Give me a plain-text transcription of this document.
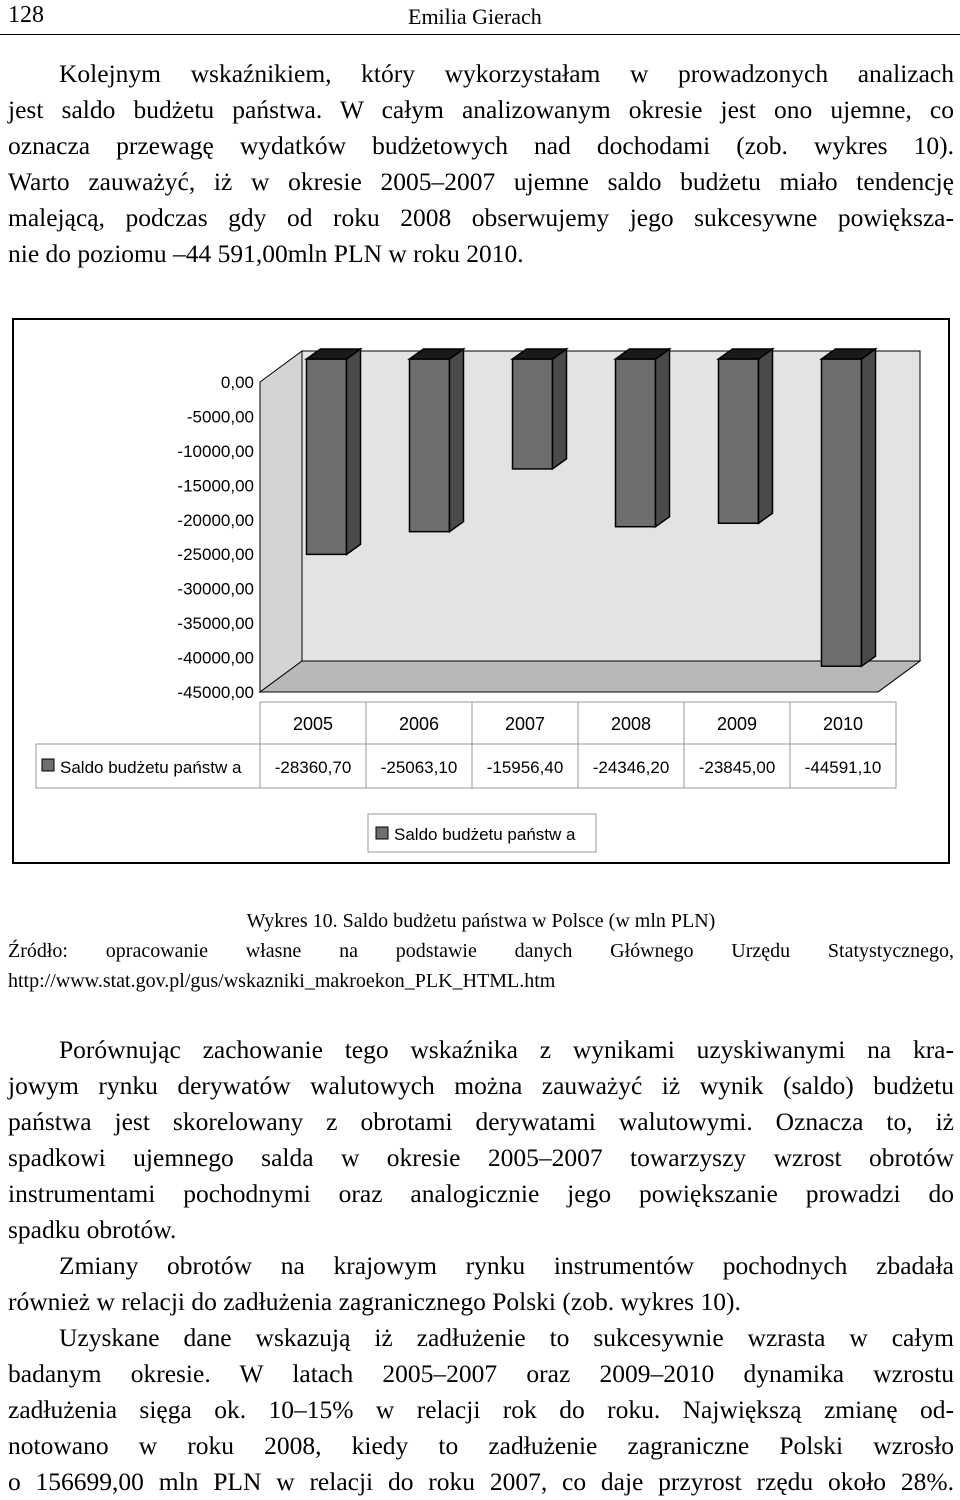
128	Emilia Gierach
Kolejnym wskaźnikiem, który wykorzystałam w prowadzonych analizach
jest saldo budżetu państwa. W całym analizowanym okresie jest ono ujemne, co
oznacza przewagę wydatków budżetowych nad dochodami (zob. wykres 10).
Warto zauważyć, iż w okresie 2005–2007 ujemne saldo budżetu miało tendencję
malejącą, podczas gdy od roku 2008 obserwujemy jego sukcesywne powiększa-
nie do poziomu –44 591,00mln PLN w roku 2010.
0,00
-5000,00
-10000,00
-15000,00
-20000,00
-25000,00
-30000,00
-35000,00
-40000,00
-45000,00
2005	2006	2007	2008	2009	2010
Saldo budżetu państw a -28360,70 -25063,10 -15956,40 -24346,20 -23845,00 -44591,10
Saldo budżetu państw a
Wykres 10. Saldo budżetu państwa w Polsce (w mln PLN)
Źródło: opracowanie własne na podstawie danych Głównego Urzędu Statystycznego,
http://www.stat.gov.pl/gus/wskazniki_makroekon_PLK_HTML.htm
Porównując zachowanie tego wskaźnika z wynikami uzyskiwanymi na kra-
jowym rynku derywatów walutowych można zauważyć iż wynik (saldo) budżetu
państwa jest skorelowany z obrotami derywatami walutowymi. Oznacza to, iż
spadkowi ujemnego salda w okresie 2005–2007 towarzyszy wzrost obrotów
instrumentami pochodnymi oraz analogicznie jego powiększanie prowadzi do
spadku obrotów.
Zmiany obrotów na krajowym rynku instrumentów pochodnych zbadała
również w relacji do zadłużenia zagranicznego Polski (zob. wykres 10).
Uzyskane dane wskazują iż zadłużenie to sukcesywnie wzrasta w całym
badanym okresie. W latach 2005–2007 oraz 2009–2010 dynamika wzrostu
zadłużenia sięga ok. 10–15% w relacji rok do roku. Największą zmianę od-
notowano w roku 2008, kiedy to zadłużenie zagraniczne Polski wzrosło
o 156699,00 mln PLN w relacji do roku 2007, co daje przyrost rzędu około 28%.
